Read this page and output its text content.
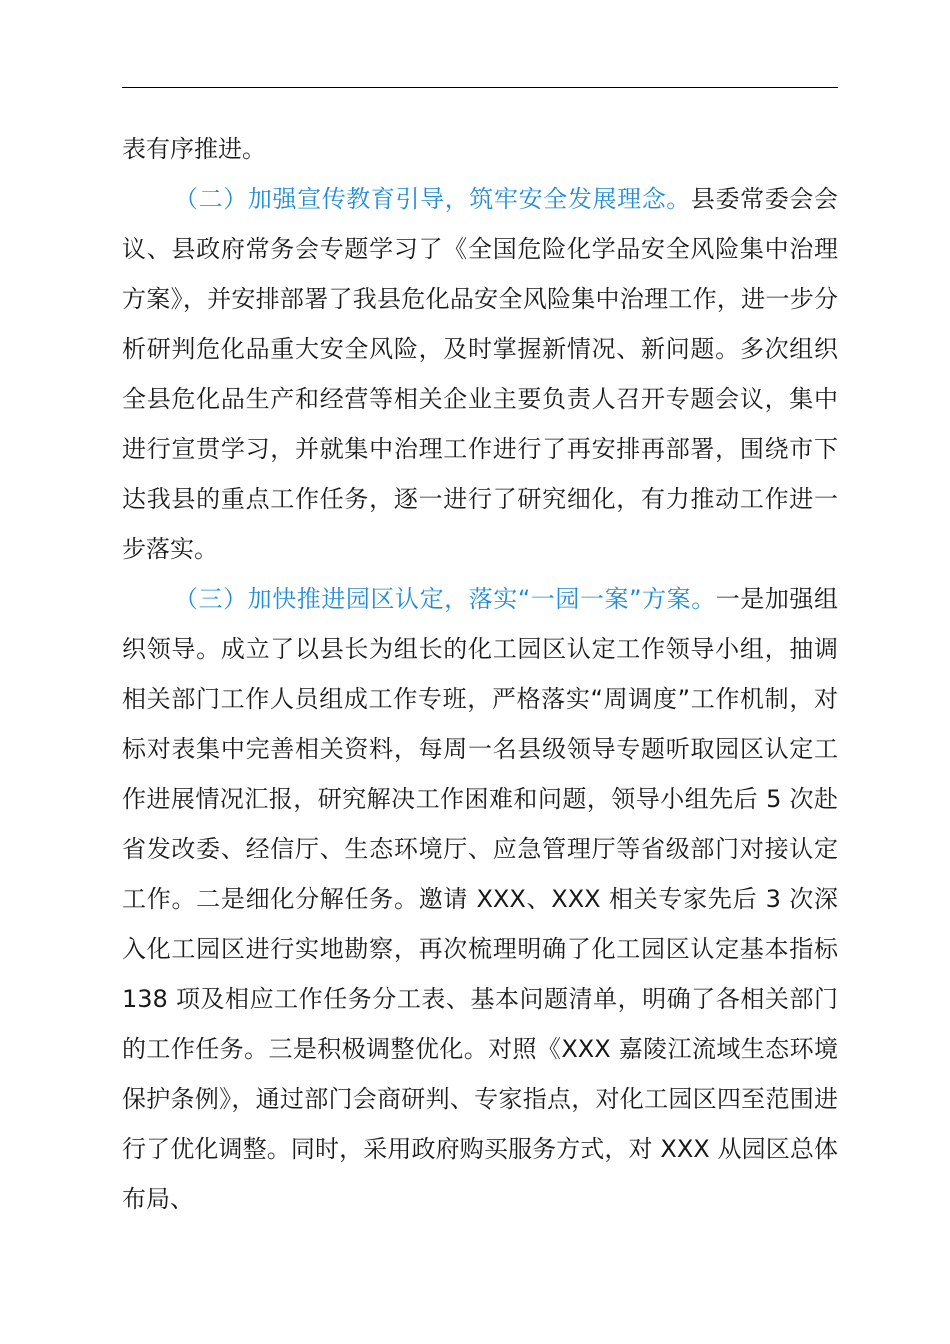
表有序推进。

（二）加强宣传教育引导，筑牢安全发展理念。县委常委会会议、县政府常务会专题学习了《全国危险化学品安全风险集中治理方案》，并安排部署了我县危化品安全风险集中治理工作，进一步分析研判危化品重大安全风险，及时掌握新情况、新问题。多次组织全县危化品生产和经营等相关企业主要负责人召开专题会议，集中进行宣贯学习，并就集中治理工作进行了再安排再部署，围绕市下达我县的重点工作任务，逐一进行了研究细化，有力推动工作进一步落实。

（三）加快推进园区认定，落实“一园一案”方案。一是加强组织领导。成立了以县长为组长的化工园区认定工作领导小组，抽调相关部门工作人员组成工作专班，严格落实“周调度”工作机制，对标对表集中完善相关资料，每周一名县级领导专题听取园区认定工作进展情况汇报，研究解决工作困难和问题，领导小组先后 5 次赴省发改委、经信厅、生态环境厅、应急管理厅等省级部门对接认定工作。二是细化分解任务。邀请 XXX、XXX 相关专家先后 3 次深入化工园区进行实地勘察，再次梳理明确了化工园区认定基本指标 138 项及相应工作任务分工表、基本问题清单，明确了各相关部门的工作任务。三是积极调整优化。对照《XXX 嘉陵江流域生态环境保护条例》，通过部门会商研判、专家指点，对化工园区四至范围进行了优化调整。同时，采用政府购买服务方式，对 XXX 从园区总体布局、
